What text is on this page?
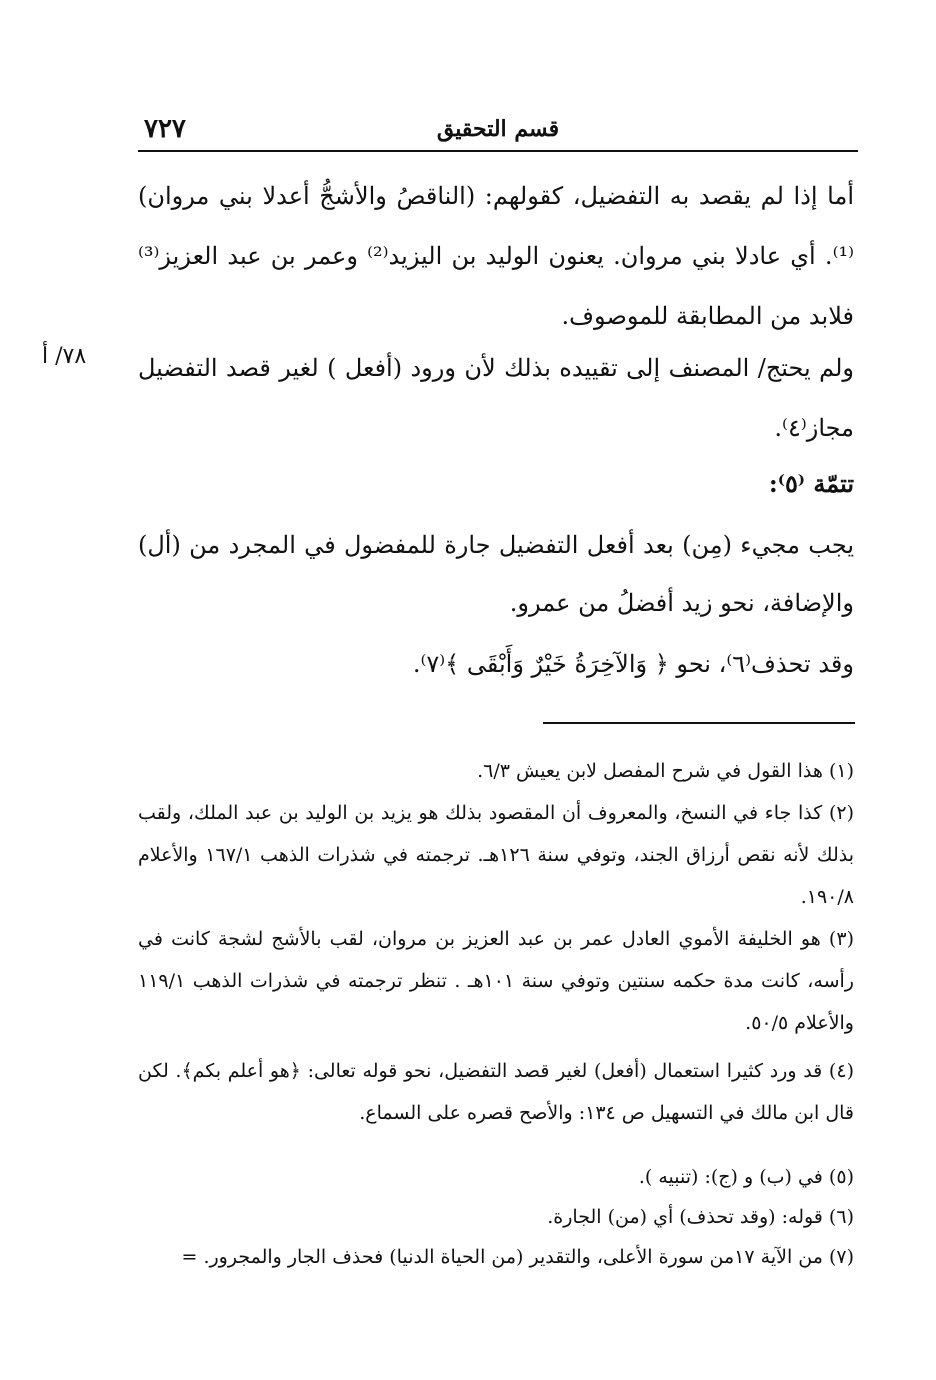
٧٢٧	قسم التحقيق

أما إذا لم يقصد به التفضيل، كقولهم: (الناقصُ والأشجُّ أعدلا بني مروان)⁽¹⁾. أي عادلا بني مروان. يعنون الوليد بن اليزيد⁽²⁾ وعمر بن عبد العزيز⁽³⁾ فلابد من المطابقة للموصوف.

ولم يحتج/ المصنف إلى تقييده بذلك لأن ورود (أفعل ) لغير قصد التفضيل مجاز⁽٤⁾.

٧٨/ أ

تتمّة ⁽٥⁾:

يجب مجيء (مِن) بعد أفعل التفضيل جارة للمفضول في المجرد من (أل) والإضافة، نحو زيد أفضلُ من عمرو.

وقد تحذف⁽٦⁾، نحو ﴿ وَالآخِرَةُ خَيْرٌ وَأَبْقَى ﴾⁽٧⁾.

(١) هذا القول في شرح المفصل لابن يعيش ٦/٣.

(٢) كذا جاء في النسخ، والمعروف أن المقصود بذلك هو يزيد بن الوليد بن عبد الملك، ولقب بذلك لأنه نقص أرزاق الجند، وتوفي سنة ١٢٦هـ. ترجمته في شذرات الذهب ١٦٧/١ والأعلام ١٩٠/٨.

(٣) هو الخليفة الأموي العادل عمر بن عبد العزيز بن مروان، لقب بالأشج لشجة كانت في رأسه، كانت مدة حكمه سنتين وتوفي سنة ١٠١هـ . تنظر ترجمته في شذرات الذهب ١١٩/١ والأعلام ٥٠/٥.

(٤) قد ورد كثيرا استعمال (أفعل) لغير قصد التفضيل، نحو قوله تعالى: ﴿هو أعلم بكم﴾. لكن قال ابن مالك في التسهيل ص ١٣٤: والأصح قصره على السماع.

(٥) في (ب) و (ج): (تنبيه ).

(٦) قوله: (وقد تحذف) أي (من) الجارة.

(٧) من الآية ١٧من سورة الأعلى، والتقدير (من الحياة الدنيا) فحذف الجار والمجرور. =
